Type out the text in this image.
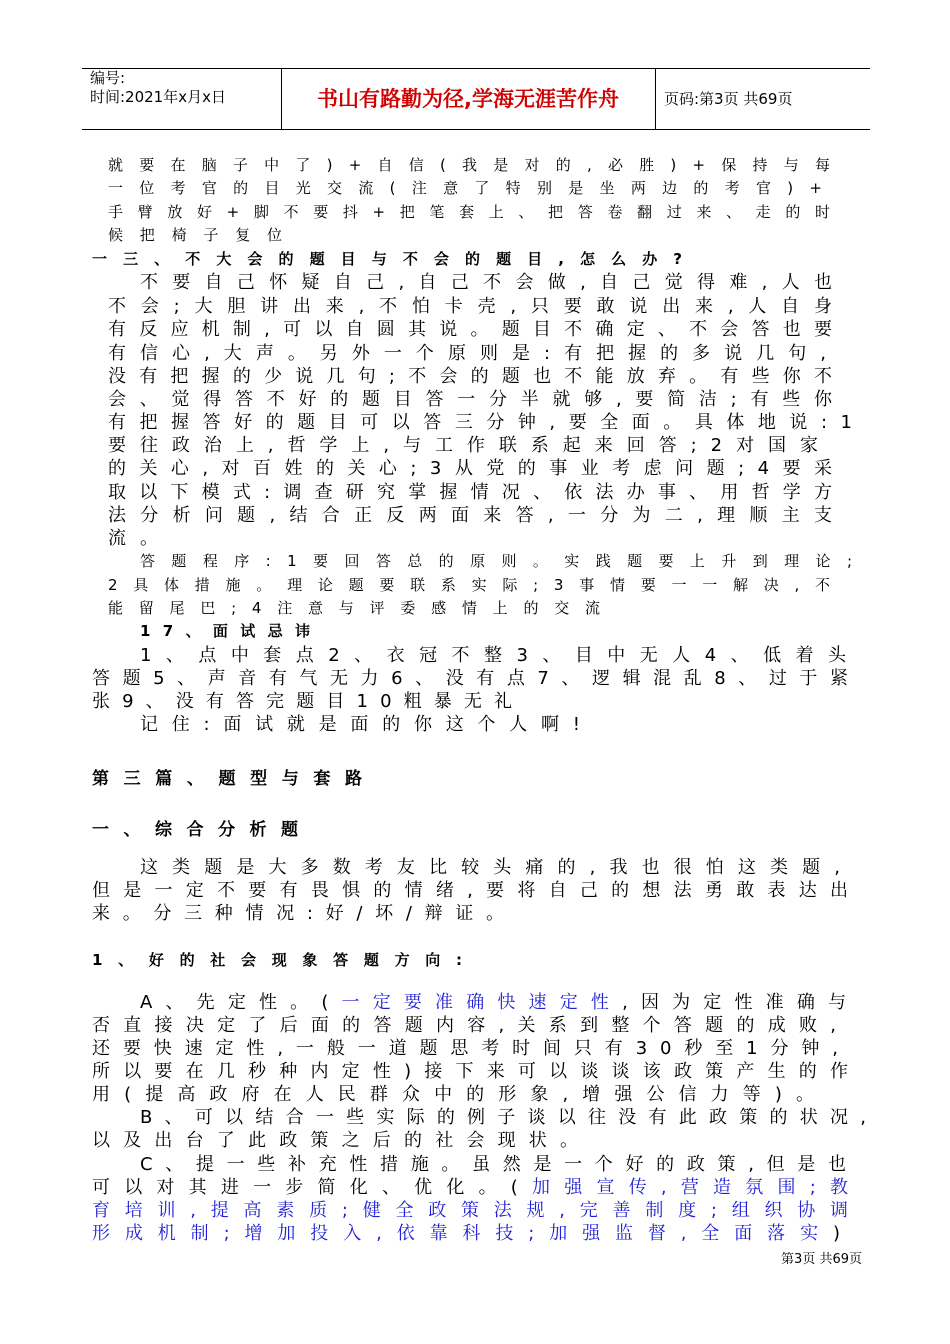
编号:
时间:2021年x月x日	书山有路勤为径,学海无涯苦作舟	页码:第3页 共69页
就要在脑子中了)+自信(我是对的,必胜)+保持与每
一位考官的目光交流(注意了特别是坐两边的考官)+
手臂放好+脚不要抖+把笔套上、把答卷翻过来、走的时
候把椅子复位
一三、不大会的题目与不会的题目,怎么办?
不要自己怀疑自己,自己不会做,自己觉得难,人也
不会;大胆讲出来,不怕卡壳,只要敢说出来,人自身
有反应机制,可以自圆其说。题目不确定、不会答也要
有信心,大声。另外一个原则是:有把握的多说几句,
没有把握的少说几句;不会的题也不能放弃。有些你不
会、觉得答不好的题目答一分半就够,要简洁;有些你
有把握答好的题目可以答三分钟,要全面。具体地说:1
要往政治上,哲学上,与工作联系起来回答;2对国家
的关心,对百姓的关心;3从党的事业考虑问题;4要采
取以下模式:调查研究掌握情况、依法办事、用哲学方
法分析问题,结合正反两面来答,一分为二,理顺主支
流。
答题程序:1要回答总的原则。实践题要上升到理论;
2具体措施。理论题要联系实际;3事情要一一解决,不
能留尾巴;4注意与评委感情上的交流
17、面试忌讳
1、点中套点2、衣冠不整3、目中无人4、低着头
答题5、声音有气无力6、没有点7、逻辑混乱8、过于紧
张9、没有答完题目10粗暴无礼
记住:面试就是面的你这个人啊!
第三篇、题型与套路
一、综合分析题
这类题是大多数考友比较头痛的,我也很怕这类题,
但是一定不要有畏惧的情绪,要将自己的想法勇敢表达出
来。分三种情况:好/坏/辩证。
1、好的社会现象答题方向:
A、先定性。(一定要准确快速定性,因为定性准确与
否直接决定了后面的答题内容,关系到整个答题的成败,
还要快速定性,一般一道题思考时间只有30秒至1分钟,
所以要在几秒种内定性)接下来可以谈谈该政策产生的作
用(提高政府在人民群众中的形象,增强公信力等)。
B、可以结合一些实际的例子谈以往没有此政策的状况,
以及出台了此政策之后的社会现状。
C、提一些补充性措施。虽然是一个好的政策,但是也
可以对其进一步简化、优化。(加强宣传,营造氛围;教
育培训,提高素质;健全政策法规,完善制度;组织协调
形成机制;增加投入,依靠科技;加强监督,全面落实)
第3页 共69页
